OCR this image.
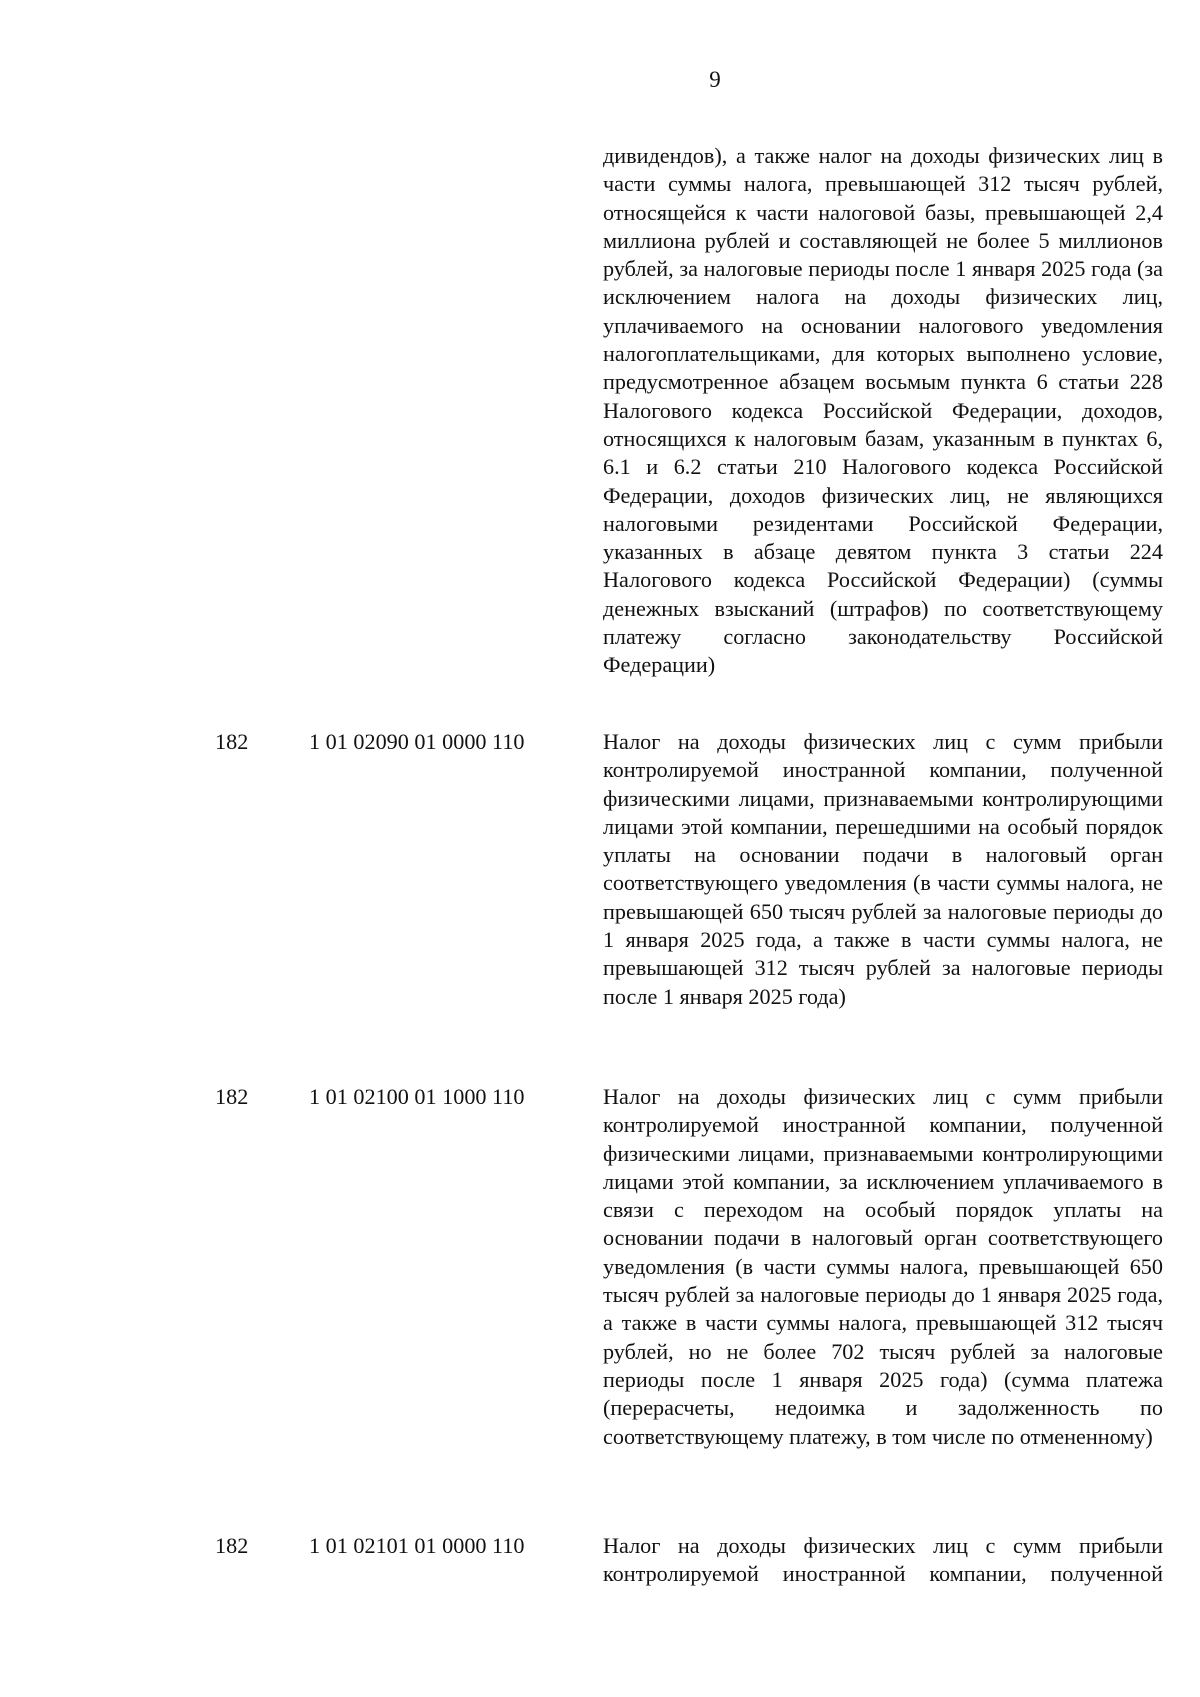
9

дивидендов), а также налог на доходы физических лиц в части суммы налога, превышающей 312 тысяч рублей, относящейся к части налоговой базы, превышающей 2,4 миллиона рублей и составляющей не более 5 миллионов рублей, за налоговые периоды после 1 января 2025 года (за исключением налога на доходы физических лиц, уплачиваемого на основании налогового уведомления налогоплательщиками, для которых выполнено условие, предусмотренное абзацем восьмым пункта 6 статьи 228 Налогового кодекса Российской Федерации, доходов, относящихся к налоговым базам, указанным в пунктах 6, 6.1 и 6.2 статьи 210 Налогового кодекса Российской Федерации, доходов физических лиц, не являющихся налоговыми резидентами Российской Федерации, указанных в абзаце девятом пункта 3 статьи 224 Налогового кодекса Российской Федерации) (суммы денежных взысканий (штрафов) по соответствующему платежу согласно законодательству Российской Федерации)

182	1 01 02090 01 0000 110	Налог на доходы физических лиц с сумм прибыли контролируемой иностранной компании, полученной физическими лицами, признаваемыми контролирующими лицами этой компании, перешедшими на особый порядок уплаты на основании подачи в налоговый орган соответствующего уведомления (в части суммы налога, не превышающей 650 тысяч рублей за налоговые периоды до 1 января 2025 года, а также в части суммы налога, не превышающей 312 тысяч рублей за налоговые периоды после 1 января 2025 года)

182	1 01 02100 01 1000 110	Налог на доходы физических лиц с сумм прибыли контролируемой иностранной компании, полученной физическими лицами, признаваемыми контролирующими лицами этой компании, за исключением уплачиваемого в связи с переходом на особый порядок уплаты на основании подачи в налоговый орган соответствующего уведомления (в части суммы налога, превышающей 650 тысяч рублей за налоговые периоды до 1 января 2025 года, а также в части суммы налога, превышающей 312 тысяч рублей, но не более 702 тысяч рублей за налоговые периоды после 1 января 2025 года) (сумма платежа (перерасчеты, недоимка и задолженность по соответствующему платежу, в том числе по отмененному)

182	1 01 02101 01 0000 110	Налог на доходы физических лиц с сумм прибыли контролируемой иностранной компании, полученной
